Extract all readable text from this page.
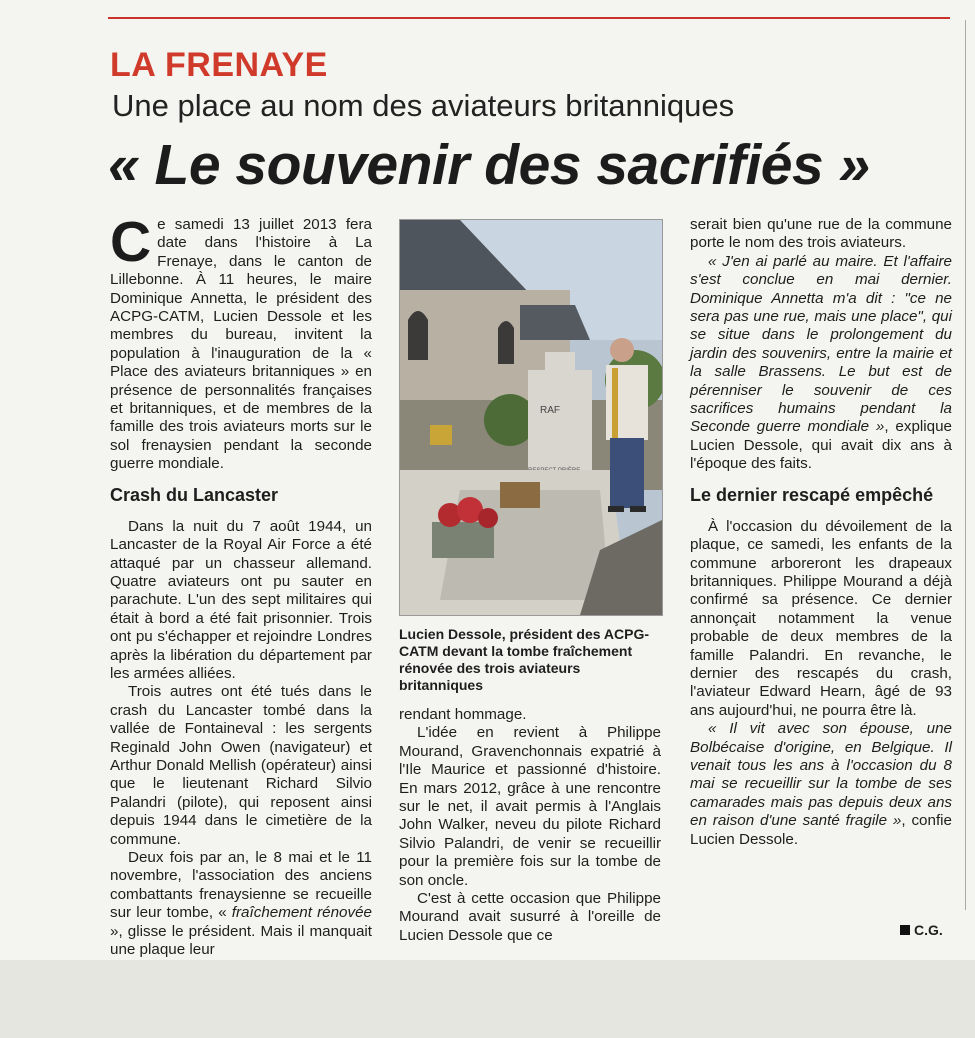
LA FRENAYE
Une place au nom des aviateurs britanniques
« Le souvenir des sacrifiés »

Ce samedi 13 juillet 2013 fera date dans l'histoire à La Frenaye, dans le canton de Lillebonne. À 11 heures, le maire Dominique Annetta, le président des ACPG-CATM, Lucien Dessole et les membres du bureau, invitent la population à l'inauguration de la « Place des aviateurs britanniques » en présence de personnalités françaises et britanniques, et de membres de la famille des trois aviateurs morts sur le sol frenaysien pendant la seconde guerre mondiale.

Crash du Lancaster

Dans la nuit du 7 août 1944, un Lancaster de la Royal Air Force a été attaqué par un chasseur allemand. Quatre aviateurs ont pu sauter en parachute. L'un des sept militaires qui était à bord a été fait prisonnier. Trois ont pu s'échapper et rejoindre Londres après la libération du département par les armées alliées.

Trois autres ont été tués dans le crash du Lancaster tombé dans la vallée de Fontaineval : les sergents Reginald John Owen (navigateur) et Arthur Donald Mellish (opérateur) ainsi que le lieutenant Richard Silvio Palandri (pilote), qui reposent ainsi depuis 1944 dans le cimetière de la commune.

Deux fois par an, le 8 mai et le 11 novembre, l'association des anciens combattants frenaysienne se recueille sur leur tombe, « fraîchement rénovée », glisse le président. Mais il manquait une plaque leur

RAF

Lucien Dessole, président des ACPG-CATM devant la tombe fraîchement rénovée des trois aviateurs britanniques

rendant hommage.

L'idée en revient à Philippe Mourand, Gravenchonnais expatrié à l'Ile Maurice et passionné d'histoire. En mars 2012, grâce à une rencontre sur le net, il avait permis à l'Anglais John Walker, neveu du pilote Richard Silvio Palandri, de venir se recueillir pour la première fois sur la tombe de son oncle.

C'est à cette occasion que Philippe Mourand avait susurré à l'oreille de Lucien Dessole que ce

serait bien qu'une rue de la commune porte le nom des trois aviateurs.

« J'en ai parlé au maire. Et l'affaire s'est conclue en mai dernier. Dominique Annetta m'a dit : "ce ne sera pas une rue, mais une place", qui se situe dans le prolongement du jardin des souvenirs, entre la mairie et la salle Brassens. Le but est de pérenniser le souvenir de ces sacrifices humains pendant la Seconde guerre mondiale », explique Lucien Dessole, qui avait dix ans à l'époque des faits.

Le dernier rescapé empêché

À l'occasion du dévoilement de la plaque, ce samedi, les enfants de la commune arboreront les drapeaux britanniques. Philippe Mourand a déjà confirmé sa présence. Ce dernier annonçait notamment la venue probable de deux membres de la famille Palandri. En revanche, le dernier des rescapés du crash, l'aviateur Edward Hearn, âgé de 93 ans aujourd'hui, ne pourra être là.

« Il vit avec son épouse, une Bolbécaise d'origine, en Belgique. Il venait tous les ans à l'occasion du 8 mai se recueillir sur la tombe de ses camarades mais pas depuis deux ans en raison d'une santé fragile », confie Lucien Dessole.

C.G.
